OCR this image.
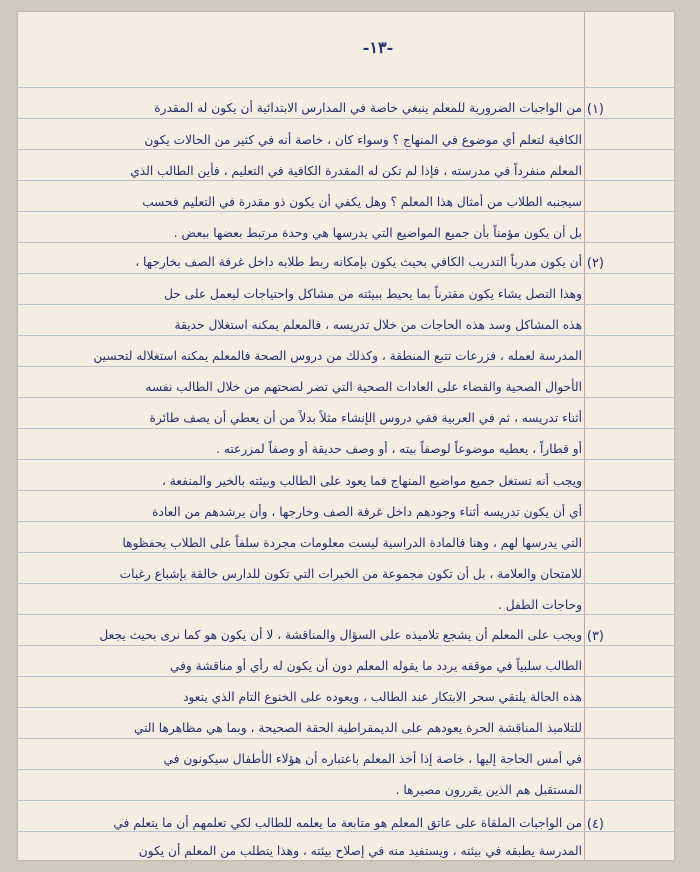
-١٣-
(١)
من الواجبات الضرورية للمعلم ينبغي خاصة في المدارس الابتدائية أن يكون له المقدرة
الكافية لتعلم أي موضوع في المنهاج ؟ وسواء كان ، خاصة أنه في كثير من الحالات يكون
المعلم منفرداً في مدرسته ، فإذا لم تكن له المقدرة الكافية في التعليم ، فأين الطالب الذي
سيجنبه الطلاب من أمثال هذا المعلم ؟ وهل يكفي أن يكون ذو مقدرة في التعليم فحسب
بل أن يكون مؤمناً بأن جميع المواضيع التي يدرسها هي وحدة مرتبط بعضها ببعض .
(٢)
أن يكون مدرباً التدريب الكافي بحيث يكون بإمكانه ربط طلابه داخل غرفة الصف بخارجها ،
وهذا التصل يشاء يكون مقترناً بما يحيط ببيئته من مشاكل واحتياجات ليعمل على حل
هذه المشاكل وسد هذه الحاجات من خلال تدريسه ، فالمعلم يمكنه استغلال حديقة
المدرسة لعمله ، فزرعات تتبع المنطقة ، وكذلك من دروس الصحة فالمعلم يمكنه استغلاله لتحسين
الأحوال الصحية والقضاء على العادات الصحية التي تضر لصحتهم من خلال الطالب نفسه
أثناء تدريسه ، ثم في العربية ففي دروس الإنشاء مثلاً بدلاً من أن يعطي أن يصف طائرة
أو قطاراً ، يعطيه موضوعاً لوصفاً بيته ، أو وصف حديقة أو وصفاً لمزرعته .
ويجب أنه تستغل جميع مواضيع المنهاج فما يعود على الطالب وبيئته بالخير والمنفعة ،
أي أن يكون تدريسه أثناء وجودهم داخل غرفة الصف وخارجها ، وأن يرشدهم من العادة
التي يدرسها لهم ، وهنا فالمادة الدراسية ليست معلومات مجردة سلفاً على الطلاب يحفظوها
للامتحان والعلامة ، بل أن تكون مجموعة من الخبرات التي تكون للدارس خالقة بإشباع رغبات
وحاجات الطفل .
(٣)
ويجب على المعلم أن يشجع تلاميذه على السؤال والمناقشة ، لا أن يكون هو كما نرى بحيث يجعل
الطالب سلبياً في موقفه يردد ما يقوله المعلم دون أن يكون له رأي أو مناقشة وفي
هذه الحالة يلتقي سحر الابتكار عند الطالب ، ويعوده على الخنوع التام الذي يتعود
للتلاميذ المناقشة الحرة يعودهم على الديمقراطية الحقة الصحيحة ، وبما هي مظاهرها التي
في أمس الحاجة إليها ، خاصة إذا أخذ المعلم باعتباره أن هؤلاء الأطفال سيكونون في
المستقبل هم الذين يقررون مصيرها .
(٤)
من الواجبات الملقاة على عاتق المعلم هو متابعة ما يعلمه للطالب لكي تعلمهم أن ما يتعلم في
المدرسة يطبقه في بيئته ، ويستفيد منه في إصلاح بيئته ، وهذا يتطلب من المعلم أن يكون
